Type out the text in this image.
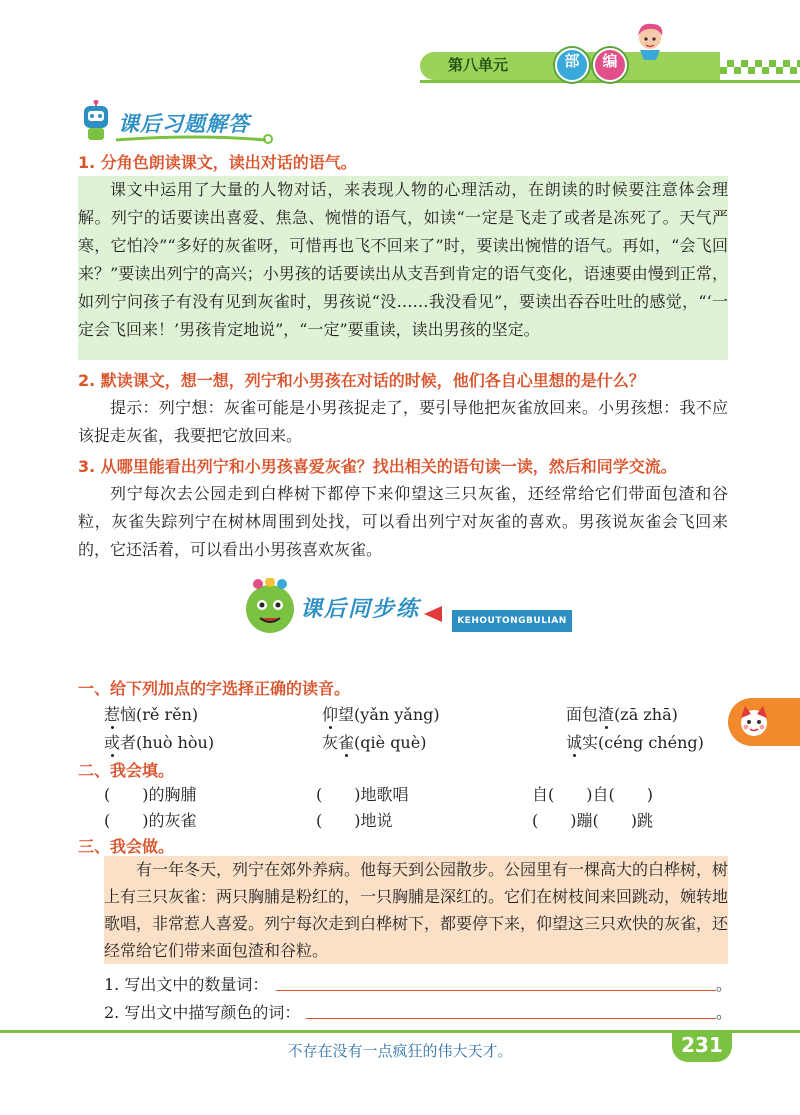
第八单元	部	编
课后习题解答
1. 分角色朗读课文，读出对话的语气。
课文中运用了大量的人物对话，来表现人物的心理活动，在朗读的时候要注意体会理解。列宁的话要读出喜爱、焦急、惋惜的语气，如读“一定是飞走了或者是冻死了。天气严寒，它怕冷”“多好的灰雀呀，可惜再也飞不回来了”时，要读出惋惜的语气。再如，“会飞回来？”要读出列宁的高兴；小男孩的话要读出从支吾到肯定的语气变化，语速要由慢到正常，如列宁问孩子有没有见到灰雀时，男孩说“没……我没看见”，要读出吞吞吐吐的感觉，“‘一定会飞回来！’男孩肯定地说”，“一定”要重读，读出男孩的坚定。
2. 默读课文，想一想，列宁和小男孩在对话的时候，他们各自心里想的是什么？
提示：列宁想：灰雀可能是小男孩捉走了，要引导他把灰雀放回来。小男孩想：我不应该捉走灰雀，我要把它放回来。
3. 从哪里能看出列宁和小男孩喜爱灰雀？找出相关的语句读一读，然后和同学交流。
列宁每次去公园走到白桦树下都停下来仰望这三只灰雀，还经常给它们带面包渣和谷粒，灰雀失踪列宁在树林周围到处找，可以看出列宁对灰雀的喜欢。男孩说灰雀会飞回来的，它还活着，可以看出小男孩喜欢灰雀。
课后同步练	KEHOUTONGBULIAN
一、给下列加点的字选择正确的读音。
惹恼(rě rěn)	仰望(yǎn yǎng)	面包渣(zā zhā)
或者(huò hòu)	灰雀(qiè què)	诚实(céng chéng)
二、我会填。
(　　)的胸脯	(　　)地歌唱	自(　　)自(　　)
(　　)的灰雀	(　　)地说	(　　)蹦(　　)跳
三、我会做。
有一年冬天，列宁在郊外养病。他每天到公园散步。公园里有一棵高大的白桦树，树上有三只灰雀：两只胸脯是粉红的，一只胸脯是深红的。它们在树枝间来回跳动，婉转地歌唱，非常惹人喜爱。列宁每次走到白桦树下，都要停下来，仰望这三只欢快的灰雀，还经常给它们带来面包渣和谷粒。
1. 写出文中的数量词：	。
2. 写出文中描写颜色的词：	。
不存在没有一点疯狂的伟大天才。	231
